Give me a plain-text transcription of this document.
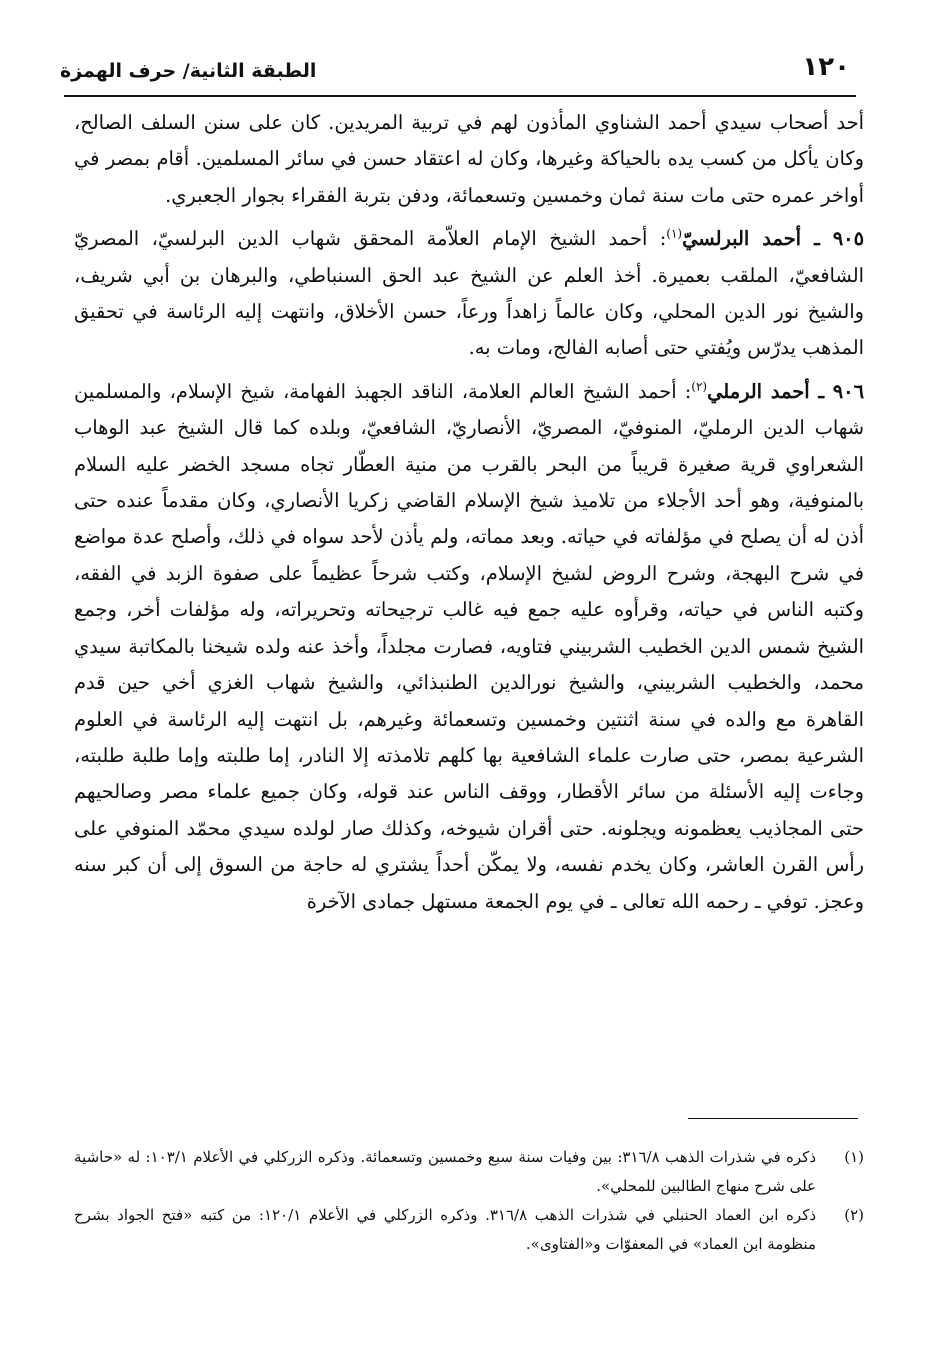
١٢٠
الطبقة الثانية/ حرف الهمزة

أحد أصحاب سيدي أحمد الشناوي المأذون لهم في تربية المريدين. كان على سنن السلف الصالح، وكان يأكل من كسب يده بالحياكة وغيرها، وكان له اعتقاد حسن في سائر المسلمين. أقام بمصر في أواخر عمره حتى مات سنة ثمان وخمسين وتسعمائة، ودفن بتربة الفقراء بجوار الجعبري.

٩٠٥ ـ أحمد البرلسيّ$^{(١)}$: أحمد الشيخ الإمام العلاّمة المحقق شهاب الدين البرلسيّ، المصريّ الشافعيّ، الملقب بعميرة. أخذ العلم عن الشيخ عبد الحق السنباطي، والبرهان بن أبي شريف، والشيخ نور الدين المحلي، وكان عالماً زاهداً ورعاً، حسن الأخلاق، وانتهت إليه الرئاسة في تحقيق المذهب يدرّس ويُفتي حتى أصابه الفالج، ومات به.

٩٠٦ ـ أحمد الرملي$^{(٢)}$: أحمد الشيخ العالم العلامة، الناقد الجهبذ الفهامة، شيخ الإسلام، والمسلمين شهاب الدين الرمليّ، المنوفيّ، المصريّ، الأنصاريّ، الشافعيّ، وبلده كما قال الشيخ عبد الوهاب الشعراوي قرية صغيرة قريباً من البحر بالقرب من منية العطّار تجاه مسجد الخضر عليه السلام بالمنوفية، وهو أحد الأجلاء من تلاميذ شيخ الإسلام القاضي زكريا الأنصاري، وكان مقدماً عنده حتى أذن له أن يصلح في مؤلفاته في حياته. وبعد مماته، ولم يأذن لأحد سواه في ذلك، وأصلح عدة مواضع في شرح البهجة، وشرح الروض لشيخ الإسلام، وكتب شرحاً عظيماً على صفوة الزبد في الفقه، وكتبه الناس في حياته، وقرأوه عليه جمع فيه غالب ترجيحاته وتحريراته، وله مؤلفات أخر، وجمع الشيخ شمس الدين الخطيب الشربيني فتاويه، فصارت مجلداً، وأخذ عنه ولده شيخنا بالمكاتبة سيدي محمد، والخطيب الشربيني، والشيخ نورالدين الطنبذائي، والشيخ شهاب الغزي أخي حين قدم القاهرة مع والده في سنة اثنتين وخمسين وتسعمائة وغيرهم، بل انتهت إليه الرئاسة في العلوم الشرعية بمصر، حتى صارت علماء الشافعية بها كلهم تلامذته إلا النادر، إما طلبته وإما طلبة طلبته، وجاءت إليه الأسئلة من سائر الأقطار، ووقف الناس عند قوله، وكان جميع علماء مصر وصالحيهم حتى المجاذيب يعظمونه ويجلونه. حتى أقران شيوخه، وكذلك صار لولده سيدي محمّد المنوفي على رأس القرن العاشر، وكان يخدم نفسه، ولا يمكّن أحداً يشتري له حاجة من السوق إلى أن كبر سنه وعجز. توفي ـ رحمه الله تعالى ـ في يوم الجمعة مستهل جمادى الآخرة

(١)
ذكره في شذرات الذهب ٣١٦/٨: بين وفيات سنة سبع وخمسين وتسعمائة. وذكره الزركلي في الأعلام ١٠٣/١: له «حاشية على شرح منهاج الطالبين للمحلي».
(٢)
ذكره ابن العماد الحنبلي في شذرات الذهب ٣١٦/٨. وذكره الزركلي في الأعلام ١٢٠/١: من كتبه «فتح الجواد بشرح منظومة ابن العماد» في المعفوّات و«الفتاوى».
